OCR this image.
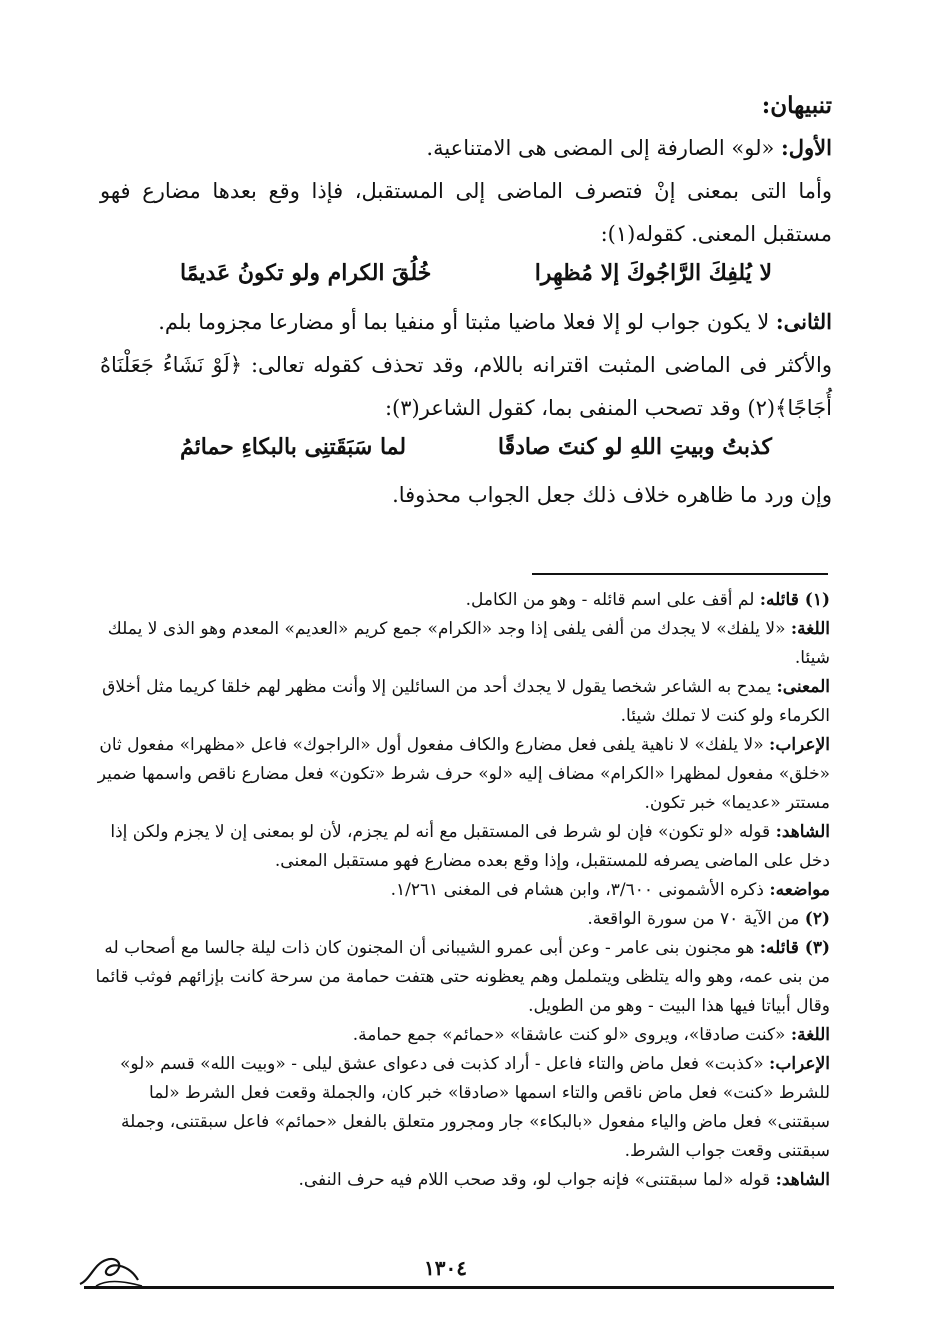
تنبيهان:

الأول: «لو» الصارفة إلى المضى هى الامتناعية.

وأما التى بمعنى إنْ فتصرف الماضى إلى المستقبل، فإذا وقع بعدها مضارع فهو مستقبل المعنى. كقوله(١):

لا يُلفِكَ الرَّاجُوكَ إلا مُظهِرا
خُلُقَ الكرام ولو تكونُ عَديمًا

الثانى: لا يكون جواب لو إلا فعلا ماضيا مثبتا أو منفيا بما أو مضارعا مجزوما بلم.

والأكثر فى الماضى المثبت اقترانه باللام، وقد تحذف كقوله تعالى: ﴿لَوْ نَشَاءُ جَعَلْنَاهُ أُجَاجًا﴾(٢) وقد تصحب المنفى بما، كقول الشاعر(٣):

كذبتُ وبيتِ اللهِ لو كنتَ صادقًا
لما سَبَقَتنِى بالبكاءِ حمائمُ

وإن ورد ما ظاهره خلاف ذلك جعل الجواب محذوفا.

(١) قائله: لم أقف على اسم قائله - وهو من الكامل.

اللغة: «لا يلفك» لا يجدك من ألفى يلفى إذا وجد «الكرام» جمع كريم «العديم» المعدم وهو الذى لا يملك شيئا.

المعنى: يمدح به الشاعر شخصا يقول لا يجدك أحد من السائلين إلا وأنت مظهر لهم خلقا كريما مثل أخلاق الكرماء ولو كنت لا تملك شيئا.

الإعراب: «لا يلفك» لا ناهية يلفى فعل مضارع والكاف مفعول أول «الراجوك» فاعل «مظهرا» مفعول ثان «خلق» مفعول لمظهرا «الكرام» مضاف إليه «لو» حرف شرط «تكون» فعل مضارع ناقص واسمها ضمير مستتر «عديما» خبر تكون.

الشاهد: قوله «لو تكون» فإن لو شرط فى المستقبل مع أنه لم يجزم، لأن لو بمعنى إن لا يجزم ولكن إذا دخل على الماضى يصرفه للمستقبل، وإذا وقع بعده مضارع فهو مستقبل المعنى.

مواضعه: ذكره الأشمونى ٣/٦٠٠، وابن هشام فى المغنى ١/٢٦١.

(٢) من الآية ٧٠ من سورة الواقعة.

(٣) قائله: هو مجنون بنى عامر - وعن أبى عمرو الشيبانى أن المجنون كان ذات ليلة جالسا مع أصحاب له من بنى عمه، وهو واله يتلظى ويتململ وهم يعظونه حتى هتفت حمامة من سرحة كانت بإزائهم فوثب قائما وقال أبياتا فيها هذا البيت - وهو من الطويل.

اللغة: «كنت صادقا»، ويروى «لو كنت عاشقا» «حمائم» جمع حمامة.

الإعراب: «كذبت» فعل ماض والتاء فاعل - أراد كذبت فى دعواى عشق ليلى - «وبيت الله» قسم «لو» للشرط «كنت» فعل ماض ناقص والتاء اسمها «صادقا» خبر كان، والجملة وقعت فعل الشرط «لما سبقتنى» فعل ماض والياء مفعول «بالبكاء» جار ومجرور متعلق بالفعل «حمائم» فاعل سبقتنى، وجملة سبقتنى وقعت جواب الشرط.

الشاهد: قوله «لما سبقتنى» فإنه جواب لو، وقد صحب اللام فيه حرف النفى.

١٣٠٤
